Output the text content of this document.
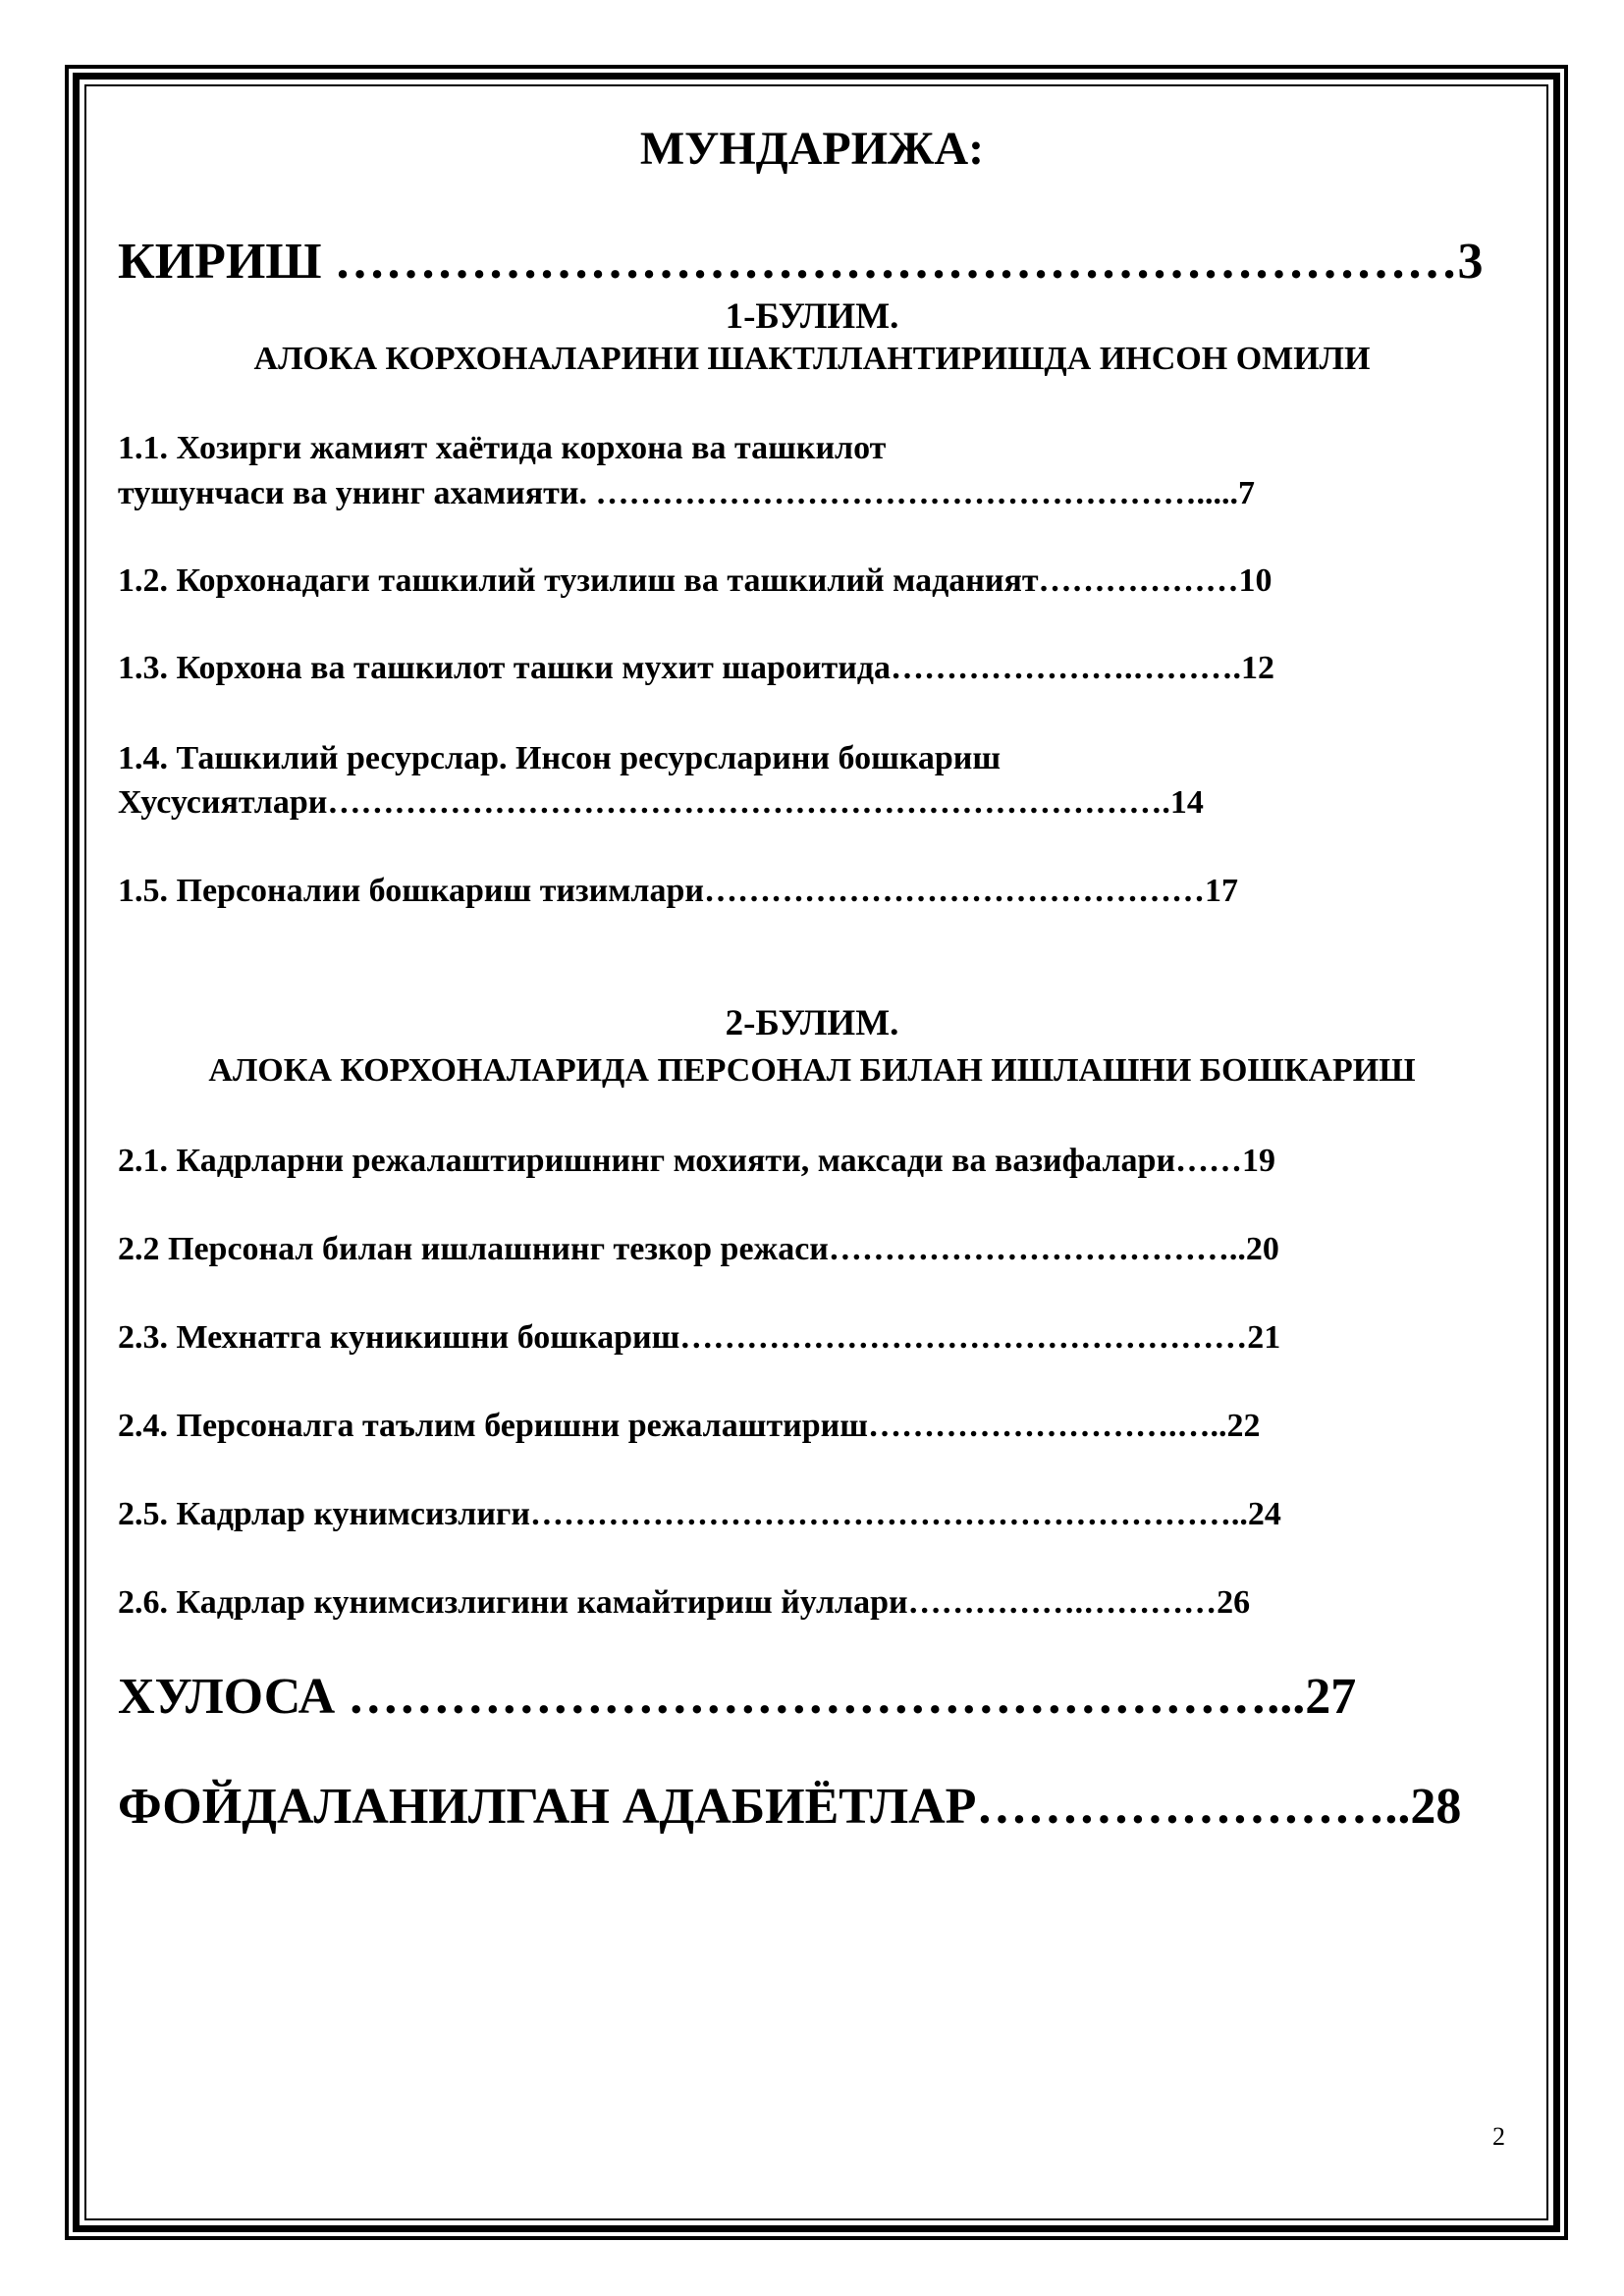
МУНДАРИЖА:
КИРИШ …………………………………………………………3
1-БУЛИМ.
АЛОКА КОРХОНАЛАРИНИ ШАКТЛЛАНТИРИШДА ИНСОН ОМИЛИ
1.1. Хозирги жамият хаётида корхона ва ташкилот
тушунчаси ва унинг ахамияти. ……………………………………………….....7
1.2. Корхонадаги ташкилий тузилиш ва ташкилий маданият………………10
1.3. Корхона ва ташкилот ташки мухит шароитида………………….……….12
1.4. Ташкилий ресурслар. Инсон ресурсларини бошкариш
Хусусиятлари………………………………………………………………….14
1.5. Персоналии бошкариш тизимлари………………………………………17
2-БУЛИМ.
АЛОКА КОРХОНАЛАРИДА ПЕРСОНАЛ БИЛАН ИШЛАШНИ БОШКАРИШ
2.1. Кадрларни режалаштиришнинг мохияти, максади ва вазифалари……19
2.2 Персонал билан ишлашнинг тезкор режаси………………………………..20
2.3. Мехнатга куникишни бошкариш……………………………………………21
2.4. Персоналга таълим беришни режалаштириш……………………….…..22
2.5. Кадрлар кунимсизлиги………………………………………………………..24
2.6. Кадрлар кунимсизлигини камайтириш йуллари…………….…………26
ХУЛОСА ………………………………………………...27
ФОЙДАЛАНИЛГАН АДАБИЁТЛАР……………………..28
2
